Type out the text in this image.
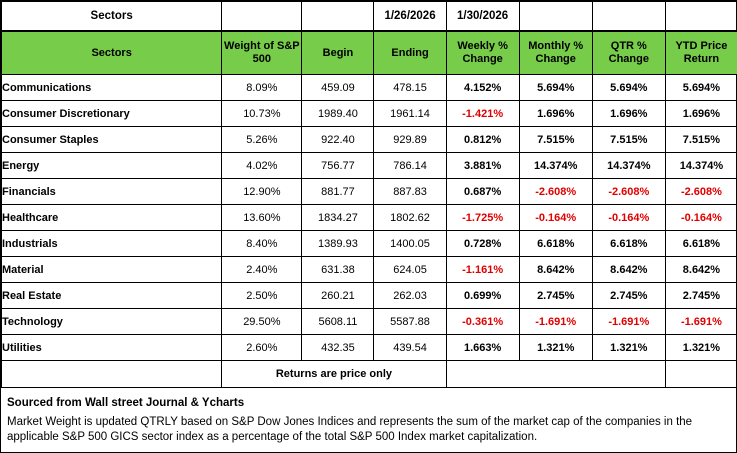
Sectors			1/26/2026	1/30/2026			
Sectors	Weight of S&P 500	Begin	Ending	Weekly % Change	Monthly % Change	QTR % Change	YTD Price Return
Communications	8.09%	459.09	478.15	4.152%	5.694%	5.694%	5.694%
Consumer Discretionary	10.73%	1989.40	1961.14	-1.421%	1.696%	1.696%	1.696%
Consumer Staples	5.26%	922.40	929.89	0.812%	7.515%	7.515%	7.515%
Energy	4.02%	756.77	786.14	3.881%	14.374%	14.374%	14.374%
Financials	12.90%	881.77	887.83	0.687%	-2.608%	-2.608%	-2.608%
Healthcare	13.60%	1834.27	1802.62	-1.725%	-0.164%	-0.164%	-0.164%
Industrials	8.40%	1389.93	1400.05	0.728%	6.618%	6.618%	6.618%
Material	2.40%	631.38	624.05	-1.161%	8.642%	8.642%	8.642%
Real Estate	2.50%	260.21	262.03	0.699%	2.745%	2.745%	2.745%
Technology	29.50%	5608.11	5587.88	-0.361%	-1.691%	-1.691%	-1.691%
Utilities	2.60%	432.35	439.54	1.663%	1.321%	1.321%	1.321%
	Returns are price only						
Sourced from Wall street Journal & Ycharts
Market Weight is updated QTRLY based on S&P Dow Jones Indices and represents the sum of the market cap of the companies in the applicable S&P 500 GICS sector index as a percentage of the total S&P 500 Index market capitalization.
